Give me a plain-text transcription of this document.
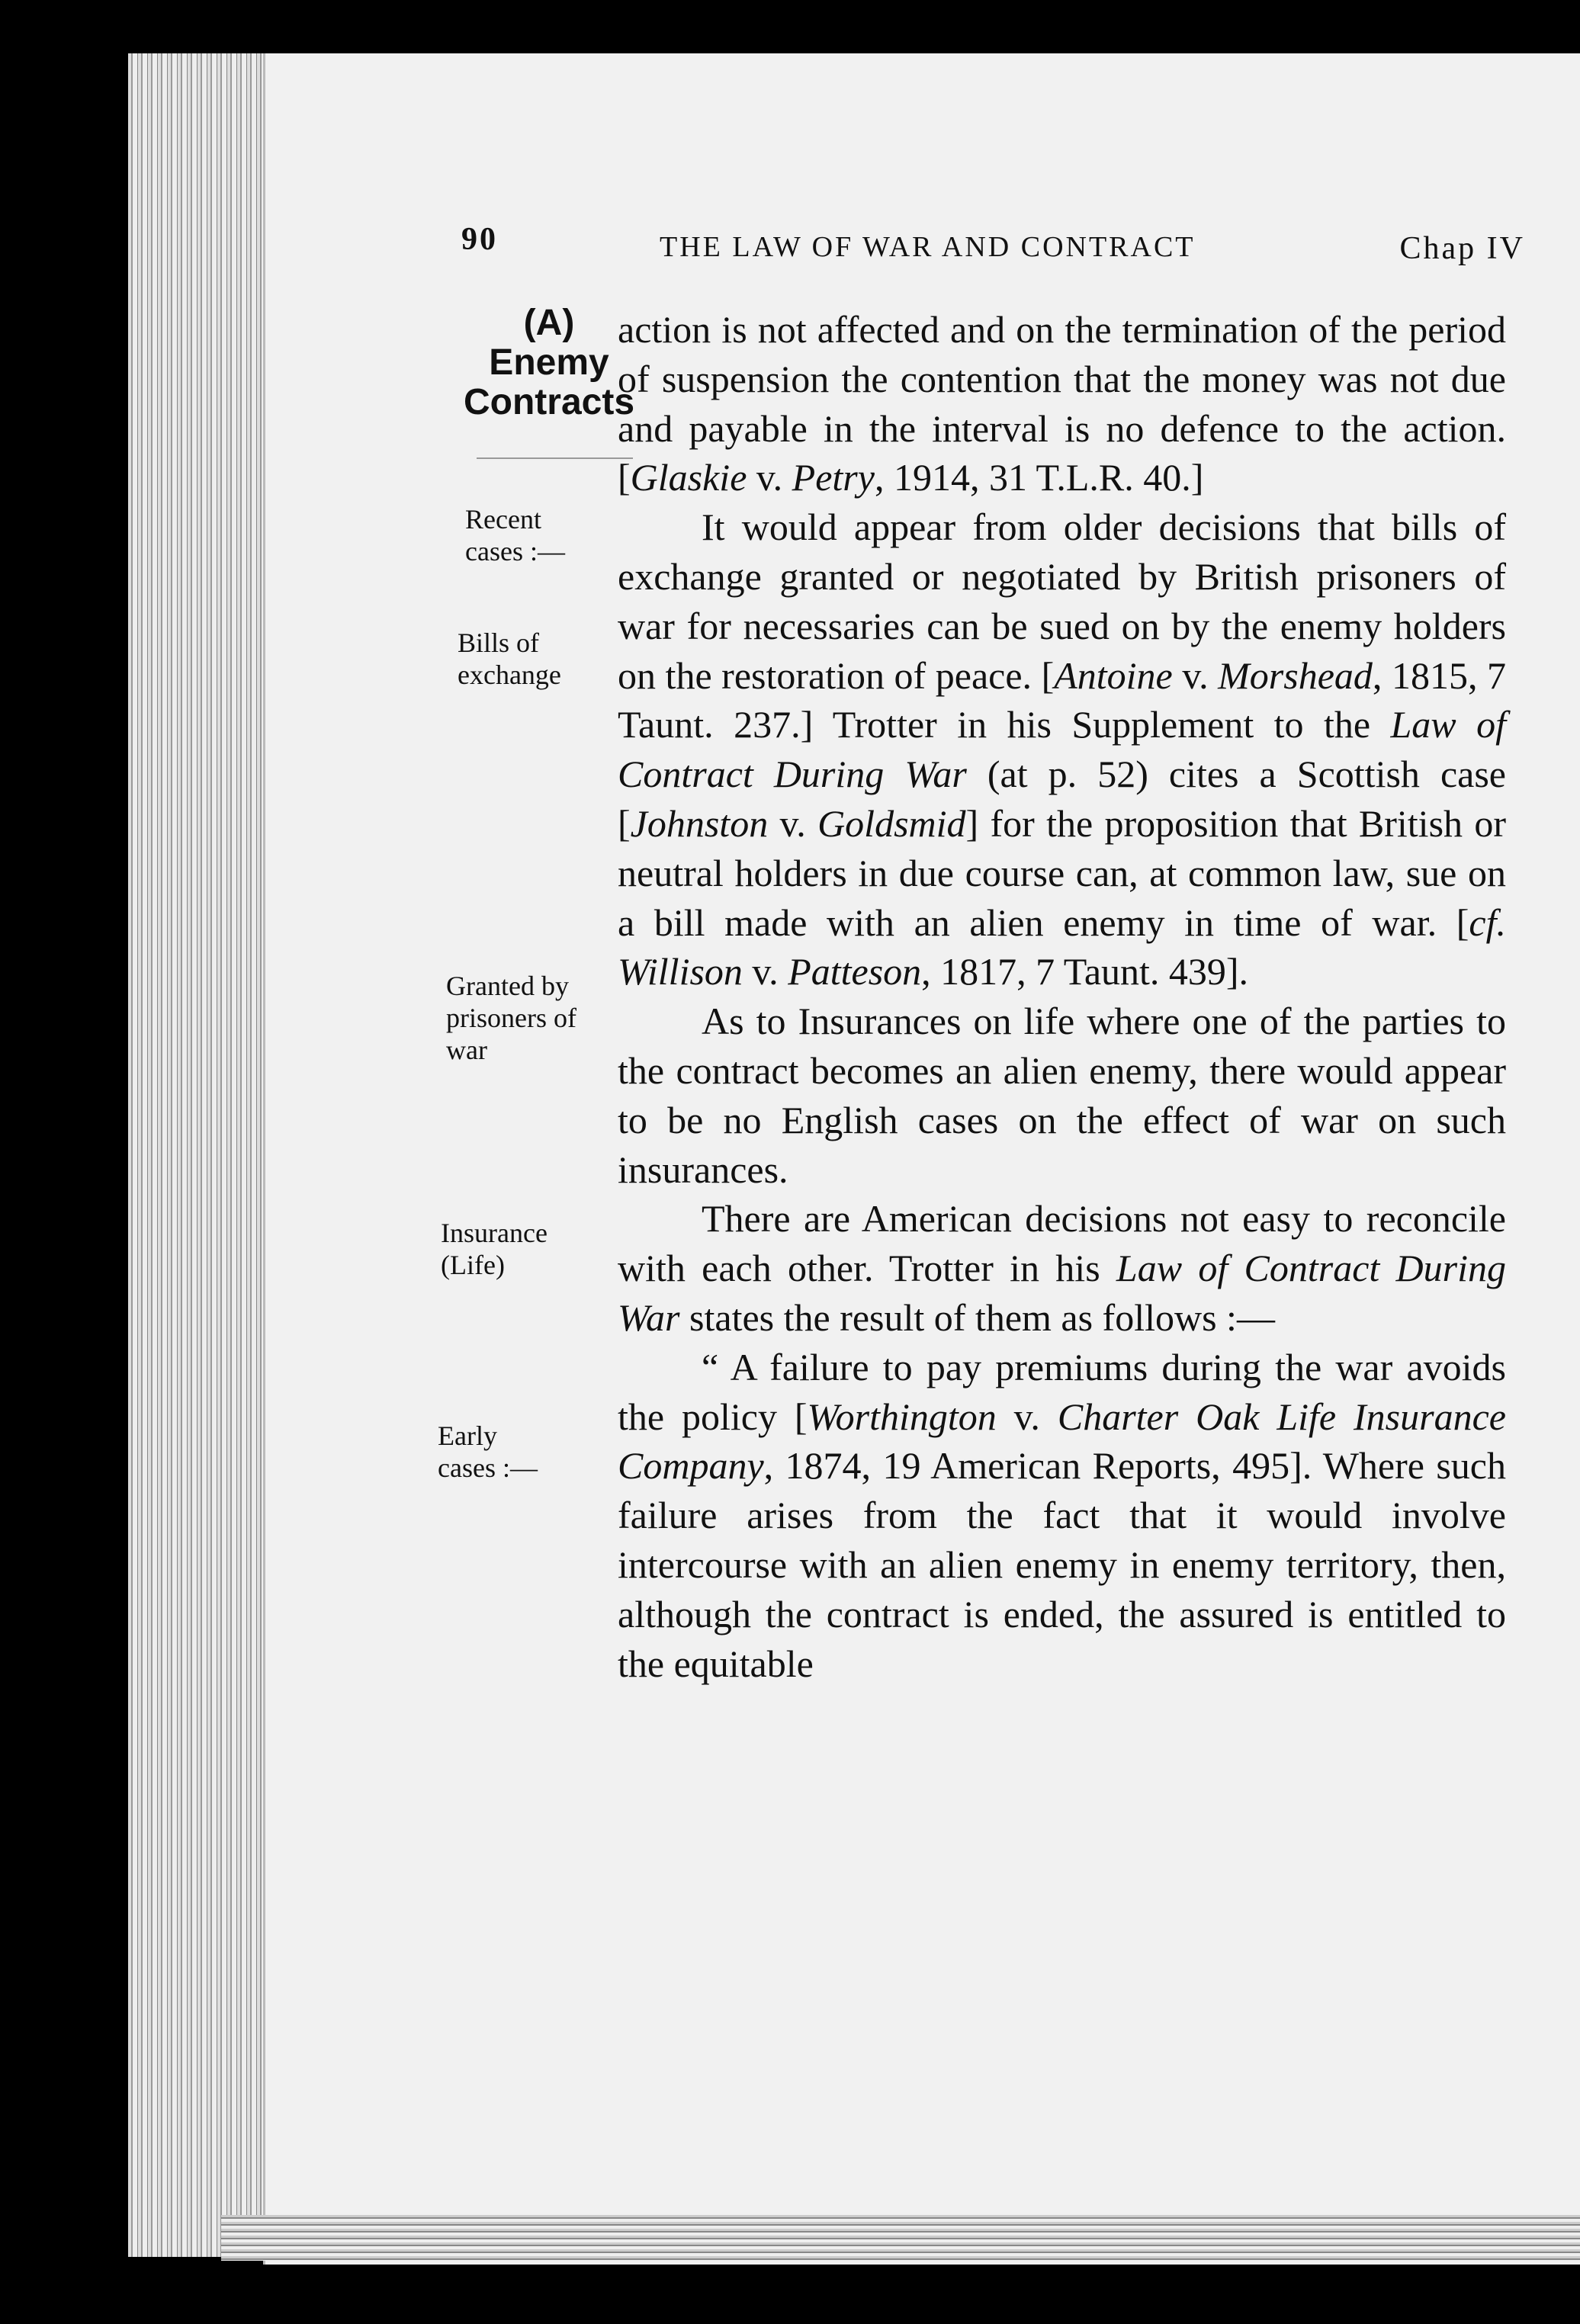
90	THE LAW OF WAR AND CONTRACT	Chap IV
(A)
Enemy
Contracts
Recent
cases :—
Bills of
exchange
Granted by
prisoners of
war
Insurance
(Life)
Early
cases :—

action is not affected and on the termination of the period of suspension the contention that the money was not due and payable in the interval is no defence to the action. [Glaskie v. Petry, 1914, 31 T.L.R. 40.]

It would appear from older decisions that bills of exchange granted or negotiated by British prisoners of war for necessaries can be sued on by the enemy holders on the restoration of peace. [Antoine v. Morshead, 1815, 7 Taunt. 237.] Trotter in his Supplement to the Law of Contract During War (at p. 52) cites a Scottish case [Johnston v. Goldsmid] for the proposition that British or neutral holders in due course can, at common law, sue on a bill made with an alien enemy in time of war. [cf. Willison v. Patteson, 1817, 7 Taunt. 439].

As to Insurances on life where one of the parties to the contract becomes an alien enemy, there would appear to be no English cases on the effect of war on such insurances.

There are American decisions not easy to reconcile with each other. Trotter in his Law of Contract During War states the result of them as follows :—

“ A failure to pay premiums during the war avoids the policy [Worthington v. Charter Oak Life Insurance Company, 1874, 19 American Reports, 495]. Where such failure arises from the fact that it would involve intercourse with an alien enemy in enemy territory, then, although the contract is ended, the assured is entitled to the equitable
